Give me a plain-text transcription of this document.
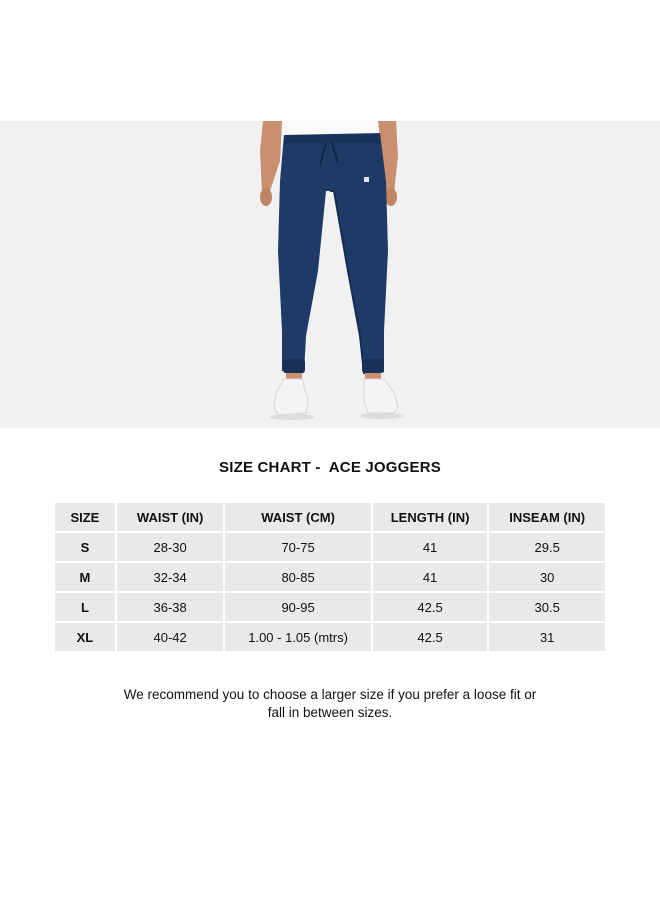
SIZE CHART -  ACE JOGGERS
SIZE	WAIST (IN)	WAIST (CM)	LENGTH (IN)	INSEAM (IN)
S	28-30	70-75	41	29.5
M	32-34	80-85	41	30
L	36-38	90-95	42.5	30.5
XL	40-42	1.00 - 1.05 (mtrs)	42.5	31
We recommend you to choose a larger size if you prefer a loose fit or
fall in between sizes.
